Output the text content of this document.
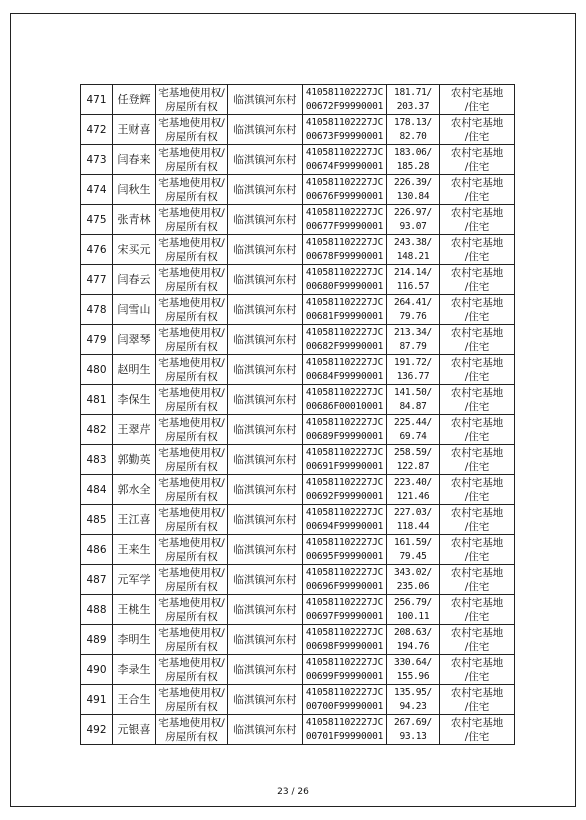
471	任登辉	宅基地使用权/
房屋所有权	临淇镇河东村	410581102227JC
00672F99990001	181.71/
203.37	农村宅基地
/住宅

472	王财喜	宅基地使用权/
房屋所有权	临淇镇河东村	410581102227JC
00673F99990001	178.13/
82.70	农村宅基地
/住宅

473	闫春来	宅基地使用权/
房屋所有权	临淇镇河东村	410581102227JC
00674F99990001	183.06/
185.28	农村宅基地
/住宅

474	闫秋生	宅基地使用权/
房屋所有权	临淇镇河东村	410581102227JC
00676F99990001	226.39/
130.84	农村宅基地
/住宅

475	张青林	宅基地使用权/
房屋所有权	临淇镇河东村	410581102227JC
00677F99990001	226.97/
93.07	农村宅基地
/住宅

476	宋买元	宅基地使用权/
房屋所有权	临淇镇河东村	410581102227JC
00678F99990001	243.38/
148.21	农村宅基地
/住宅

477	闫春云	宅基地使用权/
房屋所有权	临淇镇河东村	410581102227JC
00680F99990001	214.14/
116.57	农村宅基地
/住宅

478	闫雪山	宅基地使用权/
房屋所有权	临淇镇河东村	410581102227JC
00681F99990001	264.41/
79.76	农村宅基地
/住宅

479	闫翠琴	宅基地使用权/
房屋所有权	临淇镇河东村	410581102227JC
00682F99990001	213.34/
87.79	农村宅基地
/住宅

480	赵明生	宅基地使用权/
房屋所有权	临淇镇河东村	410581102227JC
00684F99990001	191.72/
136.77	农村宅基地
/住宅

481	李保生	宅基地使用权/
房屋所有权	临淇镇河东村	410581102227JC
00686F00010001	141.50/
84.87	农村宅基地
/住宅

482	王翠芹	宅基地使用权/
房屋所有权	临淇镇河东村	410581102227JC
00689F99990001	225.44/
69.74	农村宅基地
/住宅

483	郭勤英	宅基地使用权/
房屋所有权	临淇镇河东村	410581102227JC
00691F99990001	258.59/
122.87	农村宅基地
/住宅

484	郭水全	宅基地使用权/
房屋所有权	临淇镇河东村	410581102227JC
00692F99990001	223.40/
121.46	农村宅基地
/住宅

485	王江喜	宅基地使用权/
房屋所有权	临淇镇河东村	410581102227JC
00694F99990001	227.03/
118.44	农村宅基地
/住宅

486	王来生	宅基地使用权/
房屋所有权	临淇镇河东村	410581102227JC
00695F99990001	161.59/
79.45	农村宅基地
/住宅

487	元军学	宅基地使用权/
房屋所有权	临淇镇河东村	410581102227JC
00696F99990001	343.02/
235.06	农村宅基地
/住宅

488	王桃生	宅基地使用权/
房屋所有权	临淇镇河东村	410581102227JC
00697F99990001	256.79/
100.11	农村宅基地
/住宅

489	李明生	宅基地使用权/
房屋所有权	临淇镇河东村	410581102227JC
00698F99990001	208.63/
194.76	农村宅基地
/住宅

490	李录生	宅基地使用权/
房屋所有权	临淇镇河东村	410581102227JC
00699F99990001	330.64/
155.96	农村宅基地
/住宅

491	王合生	宅基地使用权/
房屋所有权	临淇镇河东村	410581102227JC
00700F99990001	135.95/
94.23	农村宅基地
/住宅

492	元银喜	宅基地使用权/
房屋所有权	临淇镇河东村	410581102227JC
00701F99990001	267.69/
93.13	农村宅基地
/住宅
23 / 26
